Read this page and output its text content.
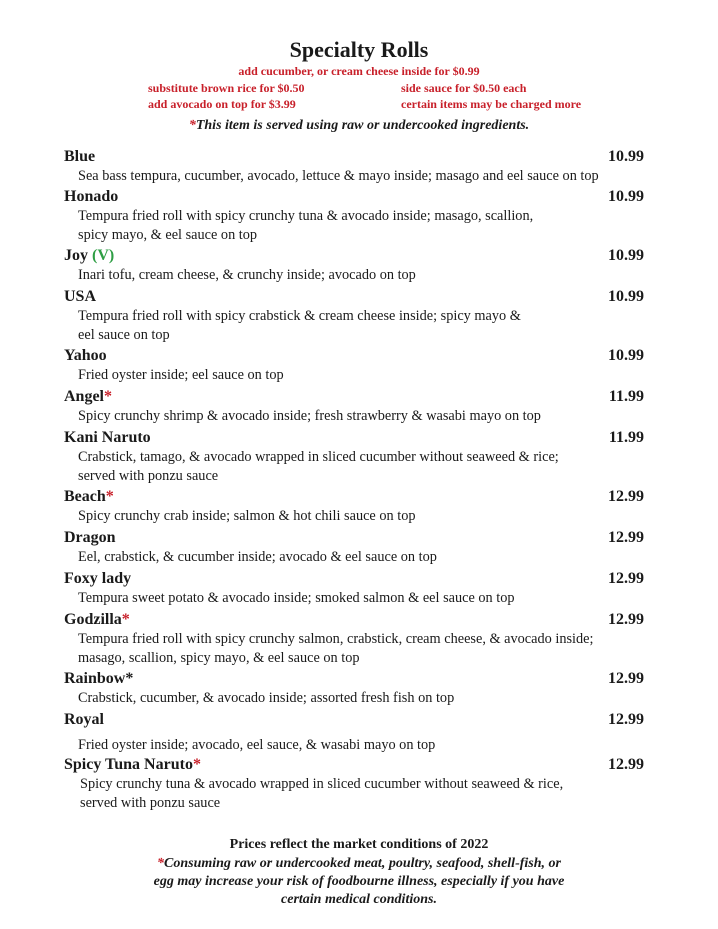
Specialty Rolls
add cucumber, or cream cheese inside for $0.99
substitute brown rice for $0.50	side sauce for $0.50 each
add avocado on top for $3.99	certain items may be charged more
*This item is served using raw or undercooked ingredients.
Blue	10.99
Sea bass tempura, cucumber, avocado, lettuce & mayo inside; masago and eel sauce on top
Honado	10.99
Tempura fried roll with spicy crunchy tuna & avocado inside; masago, scallion,
spicy mayo, & eel sauce on top
Joy (V)	10.99
Inari tofu, cream cheese, & crunchy inside; avocado on top
USA	10.99
Tempura fried roll with spicy crabstick & cream cheese inside; spicy mayo &
eel sauce on top
Yahoo	10.99
Fried oyster inside; eel sauce on top
Angel*	11.99
Spicy crunchy shrimp & avocado inside; fresh strawberry & wasabi mayo on top
Kani Naruto	11.99
Crabstick, tamago, & avocado wrapped in sliced cucumber without seaweed & rice;
served with ponzu sauce
Beach*	12.99
Spicy crunchy crab inside; salmon & hot chili sauce on top
Dragon	12.99
Eel, crabstick, & cucumber inside; avocado & eel sauce on top
Foxy lady	12.99
Tempura sweet potato & avocado inside; smoked salmon & eel sauce on top
Godzilla*	12.99
Tempura fried roll with spicy crunchy salmon, crabstick, cream cheese, & avocado inside;
masago, scallion, spicy mayo, & eel sauce on top
Rainbow*	12.99
Crabstick, cucumber, & avocado inside; assorted fresh fish on top
Royal	12.99
Fried oyster inside; avocado, eel sauce, & wasabi mayo on top
Spicy Tuna Naruto*	12.99
Spicy crunchy tuna & avocado wrapped in sliced cucumber without seaweed & rice,
served with ponzu sauce
Prices reflect the market conditions of 2022
*Consuming raw or undercooked meat, poultry, seafood, shell-fish, or egg may increase your risk of foodbourne illness, especially if you have certain medical conditions.
